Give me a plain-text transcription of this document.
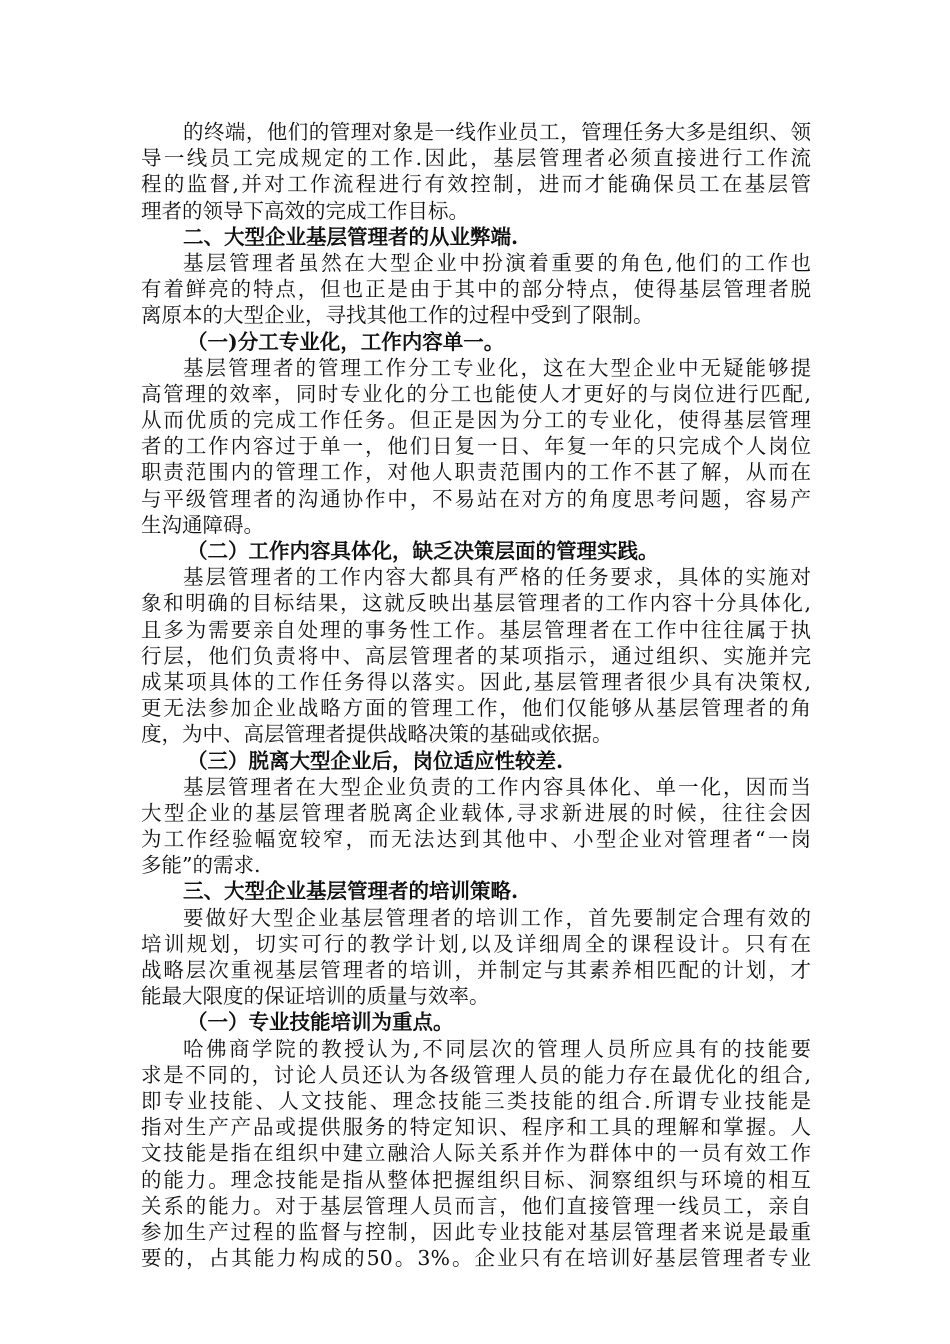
的终端，他们的管理对象是一线作业员工，管理任务大多是组织、领
导一线员工完成规定的工作.因此，基层管理者必须直接进行工作流
程的监督,并对工作流程进行有效控制，进而才能确保员工在基层管
理者的领导下高效的完成工作目标。
二、大型企业基层管理者的从业弊端.
基层管理者虽然在大型企业中扮演着重要的角色,他们的工作也
有着鲜亮的特点，但也正是由于其中的部分特点，使得基层管理者脱
离原本的大型企业，寻找其他工作的过程中受到了限制。
（一)分工专业化，工作内容单一。
基层管理者的管理工作分工专业化，这在大型企业中无疑能够提
高管理的效率，同时专业化的分工也能使人才更好的与岗位进行匹配,
从而优质的完成工作任务。但正是因为分工的专业化，使得基层管理
者的工作内容过于单一，他们日复一日、年复一年的只完成个人岗位
职责范围内的管理工作，对他人职责范围内的工作不甚了解，从而在
与平级管理者的沟通协作中，不易站在对方的角度思考问题，容易产
生沟通障碍。
（二）工作内容具体化，缺乏决策层面的管理实践。
基层管理者的工作内容大都具有严格的任务要求，具体的实施对
象和明确的目标结果，这就反映出基层管理者的工作内容十分具体化,
且多为需要亲自处理的事务性工作。基层管理者在工作中往往属于执
行层，他们负责将中、高层管理者的某项指示，通过组织、实施并完
成某项具体的工作任务得以落实。因此,基层管理者很少具有决策权,
更无法参加企业战略方面的管理工作，他们仅能够从基层管理者的角
度，为中、高层管理者提供战略决策的基础或依据。
（三）脱离大型企业后，岗位适应性较差.
基层管理者在大型企业负责的工作内容具体化、单一化，因而当
大型企业的基层管理者脱离企业载体,寻求新进展的时候，往往会因
为工作经验幅宽较窄，而无法达到其他中、小型企业对管理者“一岗
多能”的需求.
三、大型企业基层管理者的培训策略.
要做好大型企业基层管理者的培训工作，首先要制定合理有效的
培训规划，切实可行的教学计划,以及详细周全的课程设计。只有在
战略层次重视基层管理者的培训，并制定与其素养相匹配的计划，才
能最大限度的保证培训的质量与效率。
（一）专业技能培训为重点。
哈佛商学院的教授认为,不同层次的管理人员所应具有的技能要
求是不同的，讨论人员还认为各级管理人员的能力存在最优化的组合,
即专业技能、人文技能、理念技能三类技能的组合.所谓专业技能是
指对生产产品或提供服务的特定知识、程序和工具的理解和掌握。人
文技能是指在组织中建立融洽人际关系并作为群体中的一员有效工作
的能力。理念技能是指从整体把握组织目标、洞察组织与环境的相互
关系的能力。对于基层管理人员而言，他们直接管理一线员工，亲自
参加生产过程的监督与控制，因此专业技能对基层管理者来说是最重
要的，占其能力构成的50。3%。企业只有在培训好基层管理者专业
